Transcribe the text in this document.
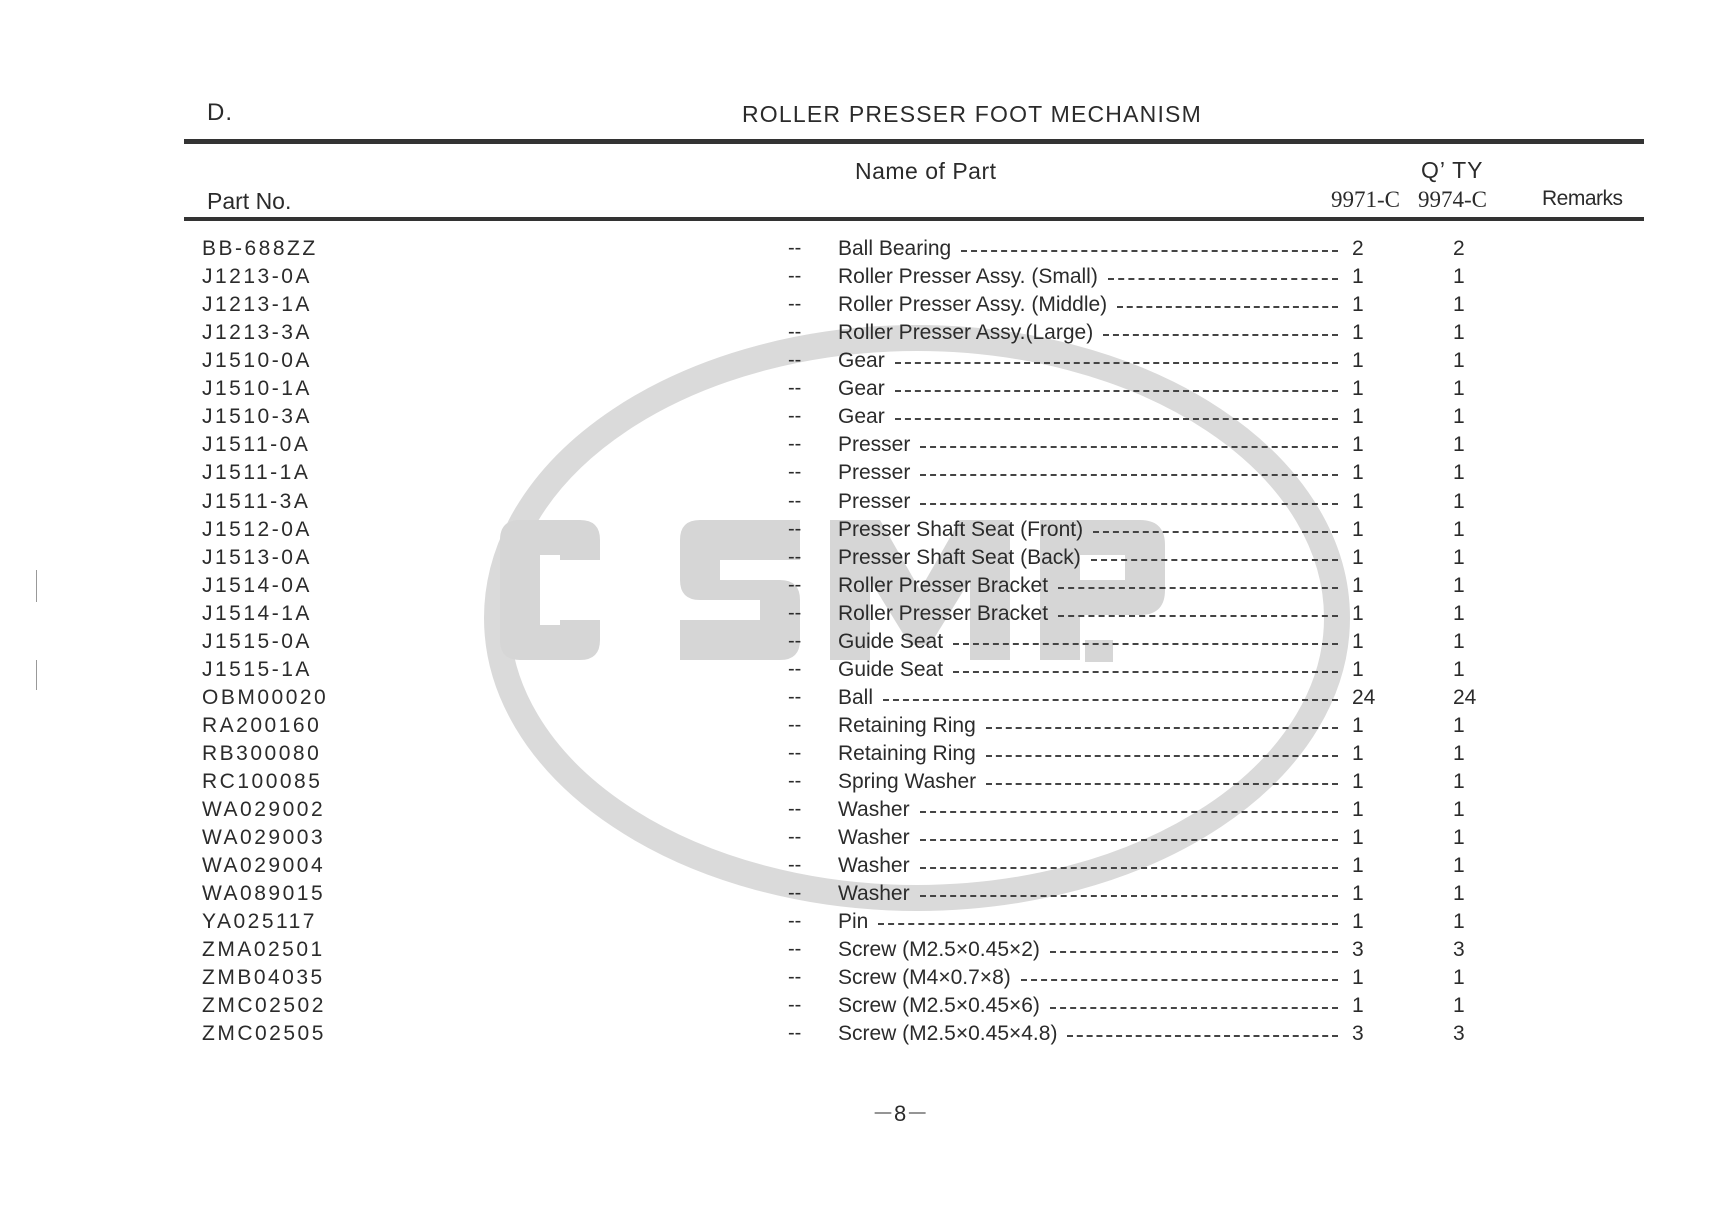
D.	ROLLER PRESSER FOOT MECHANISM
Name of Part	Q’ TY
Part No.	9971-C 9974-C	Remarks
BB-688ZZ	-- Ball Bearing	2	2
J1213-0A	-- Roller Presser Assy. (Small)	1	1
J1213-1A	-- Roller Presser Assy. (Middle)	1	1
J1213-3A	-- Roller Presser Assy.(Large)	1	1
J1510-0A	-- Gear	1	1
J1510-1A	-- Gear	1	1
J1510-3A	-- Gear	1	1
J1511-0A	-- Presser	1	1
J1511-1A	-- Presser	1	1
J1511-3A	-- Presser	1	1
J1512-0A	-- Presser Shaft Seat (Front)	1	1
J1513-0A	-- Presser Shaft Seat (Back)	1	1
J1514-0A	-- Roller Presser Bracket	1	1
J1514-1A	-- Roller Presser Bracket	1	1
J1515-0A	-- Guide Seat	1	1
J1515-1A	-- Guide Seat	1	1
OBM00020	-- Ball	24	24
RA200160	-- Retaining Ring	1	1
RB300080	-- Retaining Ring	1	1
RC100085	-- Spring Washer	1	1
WA029002	-- Washer	1	1
WA029003	-- Washer	1	1
WA029004	-- Washer	1	1
WA089015	-- Washer	1	1
YA025117	-- Pin	1	1
ZMA02501	-- Screw (M2.5×0.45×2)	3	3
ZMB04035	-- Screw (M4×0.7×8)	1	1
ZMC02502	-- Screw (M2.5×0.45×6)	1	1
ZMC02505	-- Screw (M2.5×0.45×4.8)	3	3
－8－
